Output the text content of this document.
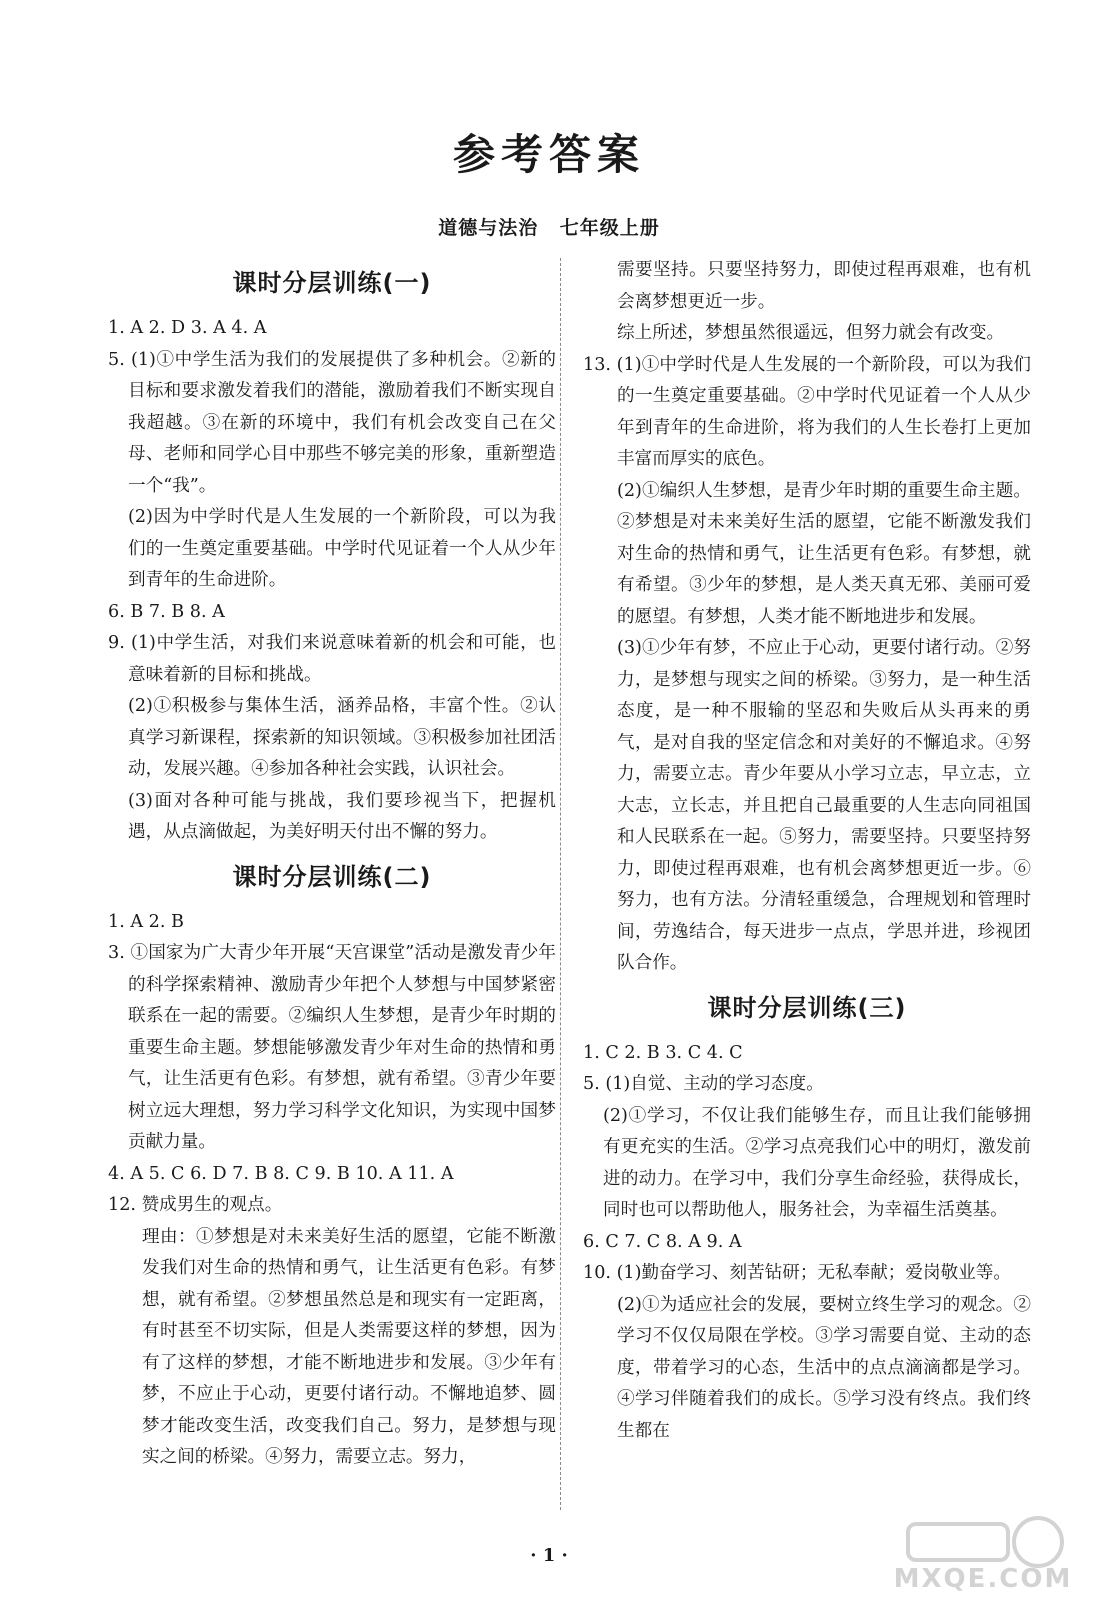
参考答案
道德与法治 七年级上册
课时分层训练(一)
1. A 2. D 3. A 4. A
5. (1)①中学生活为我们的发展提供了多种机会。②新的目标和要求激发着我们的潜能，激励着我们不断实现自我超越。③在新的环境中，我们有机会改变自己在父母、老师和同学心目中那些不够完美的形象，重新塑造一个“我”。
(2)因为中学时代是人生发展的一个新阶段，可以为我们的一生奠定重要基础。中学时代见证着一个人从少年到青年的生命进阶。
6. B 7. B 8. A
9. (1)中学生活，对我们来说意味着新的机会和可能，也意味着新的目标和挑战。
(2)①积极参与集体生活，涵养品格，丰富个性。②认真学习新课程，探索新的知识领域。③积极参加社团活动，发展兴趣。④参加各种社会实践，认识社会。
(3)面对各种可能与挑战，我们要珍视当下，把握机遇，从点滴做起，为美好明天付出不懈的努力。
课时分层训练(二)
1. A 2. B
3. ①国家为广大青少年开展“天宫课堂”活动是激发青少年的科学探索精神、激励青少年把个人梦想与中国梦紧密联系在一起的需要。②编织人生梦想，是青少年时期的重要生命主题。梦想能够激发青少年对生命的热情和勇气，让生活更有色彩。有梦想，就有希望。③青少年要树立远大理想，努力学习科学文化知识，为实现中国梦贡献力量。
4. A 5. C 6. D 7. B 8. C 9. B 10. A 11. A
12. 赞成男生的观点。
理由：①梦想是对未来美好生活的愿望，它能不断激发我们对生命的热情和勇气，让生活更有色彩。有梦想，就有希望。②梦想虽然总是和现实有一定距离，有时甚至不切实际，但是人类需要这样的梦想，因为有了这样的梦想，才能不断地进步和发展。③少年有梦，不应止于心动，更要付诸行动。不懈地追梦、圆梦才能改变生活，改变我们自己。努力，是梦想与现实之间的桥梁。④努力，需要立志。努力，
需要坚持。只要坚持努力，即使过程再艰难，也有机会离梦想更近一步。
综上所述，梦想虽然很遥远，但努力就会有改变。
13. (1)①中学时代是人生发展的一个新阶段，可以为我们的一生奠定重要基础。②中学时代见证着一个人从少年到青年的生命进阶，将为我们的人生长卷打上更加丰富而厚实的底色。
(2)①编织人生梦想，是青少年时期的重要生命主题。②梦想是对未来美好生活的愿望，它能不断激发我们对生命的热情和勇气，让生活更有色彩。有梦想，就有希望。③少年的梦想，是人类天真无邪、美丽可爱的愿望。有梦想，人类才能不断地进步和发展。
(3)①少年有梦，不应止于心动，更要付诸行动。②努力，是梦想与现实之间的桥梁。③努力，是一种生活态度，是一种不服输的坚忍和失败后从头再来的勇气，是对自我的坚定信念和对美好的不懈追求。④努力，需要立志。青少年要从小学习立志，早立志，立大志，立长志，并且把自己最重要的人生志向同祖国和人民联系在一起。⑤努力，需要坚持。只要坚持努力，即使过程再艰难，也有机会离梦想更近一步。⑥努力，也有方法。分清轻重缓急，合理规划和管理时间，劳逸结合，每天进步一点点，学思并进，珍视团队合作。
课时分层训练(三)
1. C 2. B 3. C 4. C
5. (1)自觉、主动的学习态度。
(2)①学习，不仅让我们能够生存，而且让我们能够拥有更充实的生活。②学习点亮我们心中的明灯，激发前进的动力。在学习中，我们分享生命经验，获得成长，同时也可以帮助他人，服务社会，为幸福生活奠基。
6. C 7. C 8. A 9. A
10. (1)勤奋学习、刻苦钻研；无私奉献；爱岗敬业等。
(2)①为适应社会的发展，要树立终生学习的观念。②学习不仅仅局限在学校。③学习需要自觉、主动的态度，带着学习的心态，生活中的点点滴滴都是学习。④学习伴随着我们的成长。⑤学习没有终点。我们终生都在
· 1 ·
MXQE.COM
